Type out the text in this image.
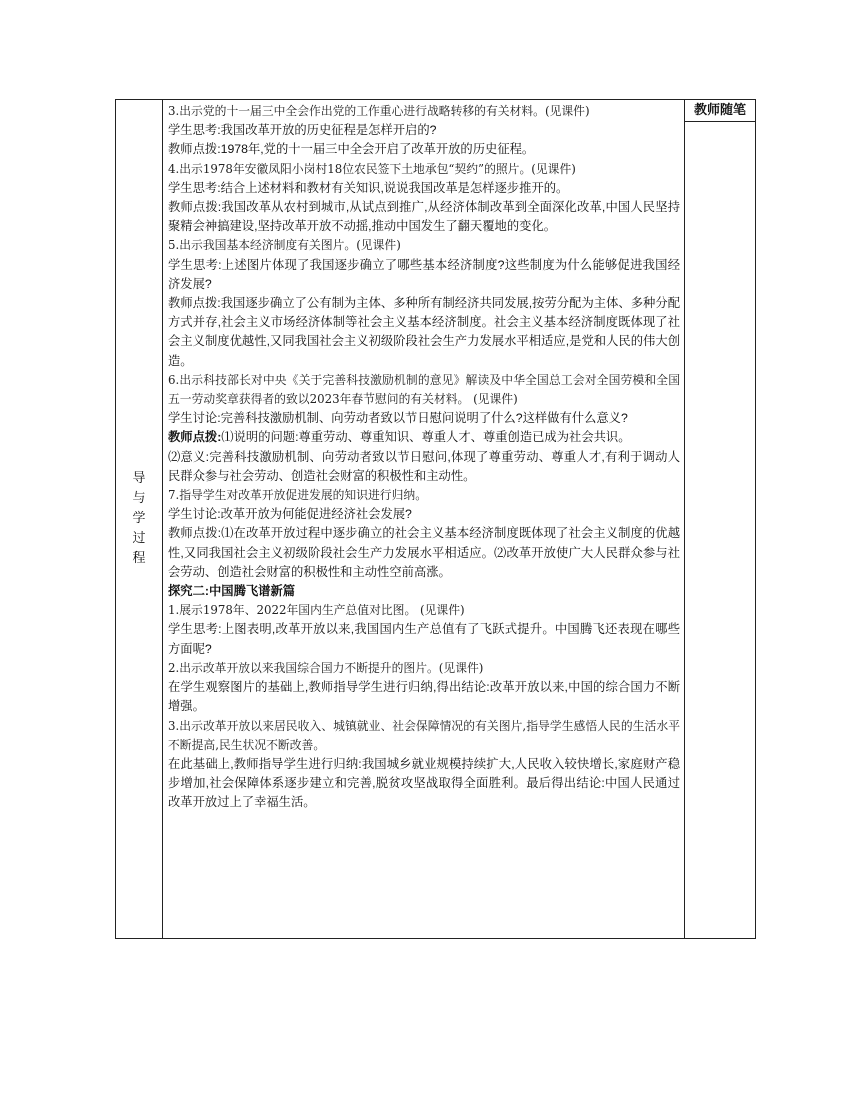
导
与
学
过
程

3.出示党的十一届三中全会作出党的工作重心进行战略转移的有关材料。(见课件)

学生思考:我国改革开放的历史征程是怎样开启的?

教师点拨:1978年,党的十一届三中全会开启了改革开放的历史征程。

4.出示1978年安徽凤阳小岗村18位农民签下土地承包“契约”的照片。(见课件)

学生思考:结合上述材料和教材有关知识,说说我国改革是怎样逐步推开的。

教师点拨:我国改革从农村到城市,从试点到推广,从经济体制改革到全面深化改革,中国人民坚持聚精会神搞建设,坚持改革开放不动摇,推动中国发生了翻天覆地的变化。

5.出示我国基本经济制度有关图片。(见课件)

学生思考:上述图片体现了我国逐步确立了哪些基本经济制度?这些制度为什么能够促进我国经济发展?

教师点拨:我国逐步确立了公有制为主体、多种所有制经济共同发展,按劳分配为主体、多种分配方式并存,社会主义市场经济体制等社会主义基本经济制度。社会主义基本经济制度既体现了社会主义制度优越性,又同我国社会主义初级阶段社会生产力发展水平相适应,是党和人民的伟大创造。

6.出示科技部长对中央《关于完善科技激励机制的意见》解读及中华全国总工会对全国劳模和全国五一劳动奖章获得者的致以2023年春节慰问的有关材料。 (见课件)

学生讨论:完善科技激励机制、向劳动者致以节日慰问说明了什么?这样做有什么意义?

教师点拨:⑴说明的问题:尊重劳动、尊重知识、尊重人才、尊重创造已成为社会共识。

⑵意义:完善科技激励机制、向劳动者致以节日慰问,体现了尊重劳动、尊重人才,有利于调动人民群众参与社会劳动、创造社会财富的积极性和主动性。

7.指导学生对改革开放促进发展的知识进行归纳。

学生讨论:改革开放为何能促进经济社会发展?

教师点拨:⑴在改革开放过程中逐步确立的社会主义基本经济制度既体现了社会主义制度的优越性,又同我国社会主义初级阶段社会生产力发展水平相适应。⑵改革开放使广大人民群众参与社会劳动、创造社会财富的积极性和主动性空前高涨。

探究二:中国腾飞谱新篇

1.展示1978年、2022年国内生产总值对比图。 (见课件)

学生思考:上图表明,改革开放以来,我国国内生产总值有了飞跃式提升。中国腾飞还表现在哪些方面呢?

2.出示改革开放以来我国综合国力不断提升的图片。(见课件)

在学生观察图片的基础上,教师指导学生进行归纳,得出结论:改革开放以来,中国的综合国力不断增强。

3.出示改革开放以来居民收入、城镇就业、社会保障情况的有关图片,指导学生感悟人民的生活水平不断提高,民生状况不断改善。

在此基础上,教师指导学生进行归纳:我国城乡就业规模持续扩大,人民收入较快增长,家庭财产稳步增加,社会保障体系逐步建立和完善,脱贫攻坚战取得全面胜利。最后得出结论:中国人民通过改革开放过上了幸福生活。

教师随笔
